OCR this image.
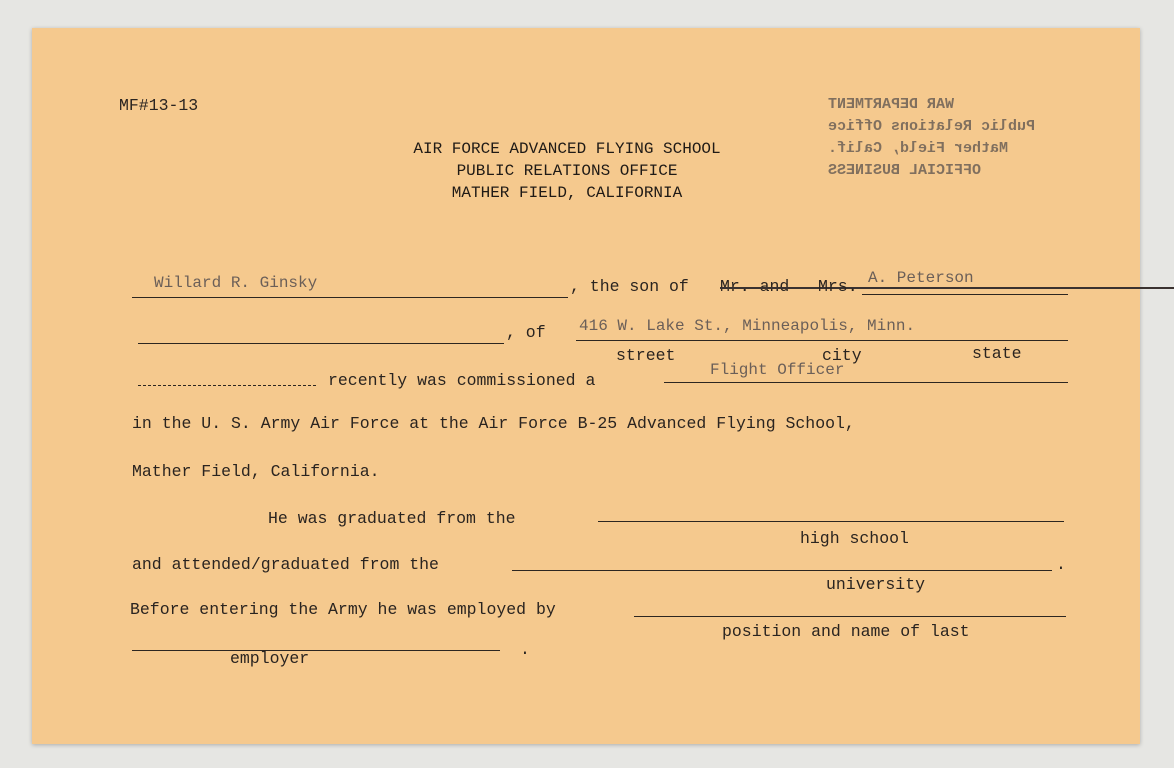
MF#13-13
AIR FORCE ADVANCED FLYING SCHOOL
PUBLIC RELATIONS OFFICE
MATHER FIELD, CALIFORNIA
WAR DEPARTMENT
Public Relations Office
Mather Field, Calif.
OFFICIAL BUSINESS
Willard R. Ginsky	, the son of Mr. and	Mrs. A. Peterson
, of 416 W. Lake St., Minneapolis, Minn.
street	city	state
recently was commissioned a
Flight Officer
in the U. S. Army Air Force at the Air Force B-25 Advanced Flying School,
Mather Field, California.
He was graduated from the
high school
and attended/graduated from the	.
university
Before entering the Army he was employed by
position and name of last
.
employer
